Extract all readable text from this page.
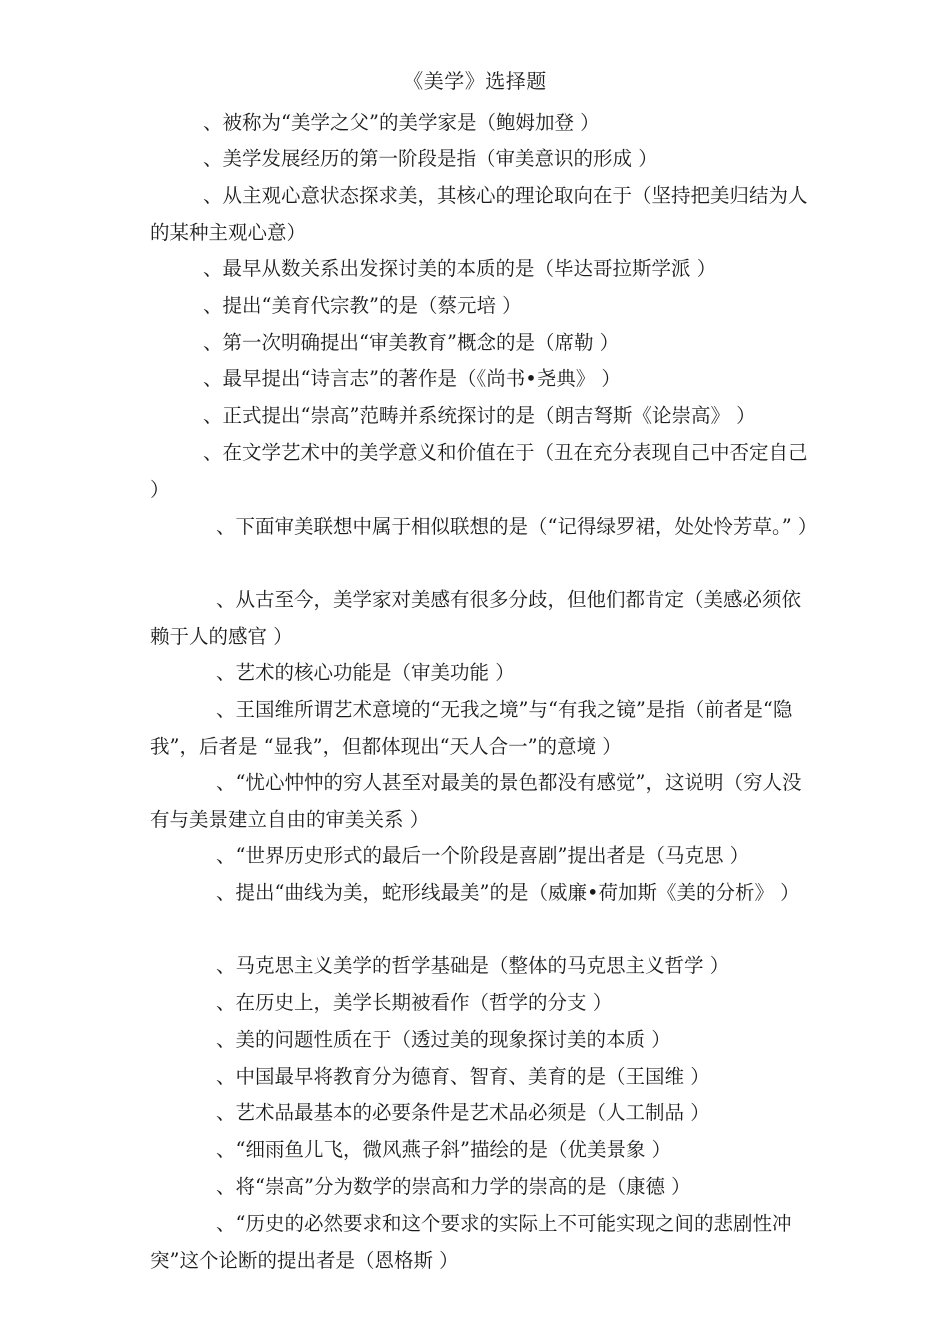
《美学》选择题
、被称为“美学之父”的美学家是（鲍姆加登 ）
、美学发展经历的第一阶段是指（审美意识的形成 ）
、从主观心意状态探求美，其核心的理论取向在于（坚持把美归结为人的某种主观心意）
、最早从数关系出发探讨美的本质的是（毕达哥拉斯学派 ）
、提出“美育代宗教”的是（蔡元培 ）
、第一次明确提出“审美教育”概念的是（席勒 ）
、最早提出“诗言志”的著作是（《尚书•尧典》 ）
、正式提出“崇高”范畴并系统探讨的是（朗吉弩斯《论崇高》 ）
、在文学艺术中的美学意义和价值在于（丑在充分表现自己中否定自己 ）
、下面审美联想中属于相似联想的是（“记得绿罗裙，处处怜芳草。” ）
、从古至今，美学家对美感有很多分歧，但他们都肯定（美感必须依赖于人的感官 ）
、艺术的核心功能是（审美功能 ）
、王国维所谓艺术意境的“无我之境”与“有我之镜”是指（前者是“隐我”，后者是 “显我”，但都体现出“天人合一”的意境 ）
、“忧心忡忡的穷人甚至对最美的景色都没有感觉”，这说明（穷人没有与美景建立自由的审美关系 ）
、“世界历史形式的最后一个阶段是喜剧”提出者是（马克思 ）
、提出“曲线为美，蛇形线最美”的是（威廉•荷加斯《美的分析》 ）
、马克思主义美学的哲学基础是（整体的马克思主义哲学 ）
、在历史上，美学长期被看作（哲学的分支 ）
、美的问题性质在于（透过美的现象探讨美的本质 ）
、中国最早将教育分为德育、智育、美育的是（王国维 ）
、艺术品最基本的必要条件是艺术品必须是（人工制品 ）
、“细雨鱼儿飞，微风燕子斜”描绘的是（优美景象 ）
、将“崇高”分为数学的崇高和力学的崇高的是（康德 ）
、“历史的必然要求和这个要求的实际上不可能实现之间的悲剧性冲突”这个论断的提出者是（恩格斯 ）
